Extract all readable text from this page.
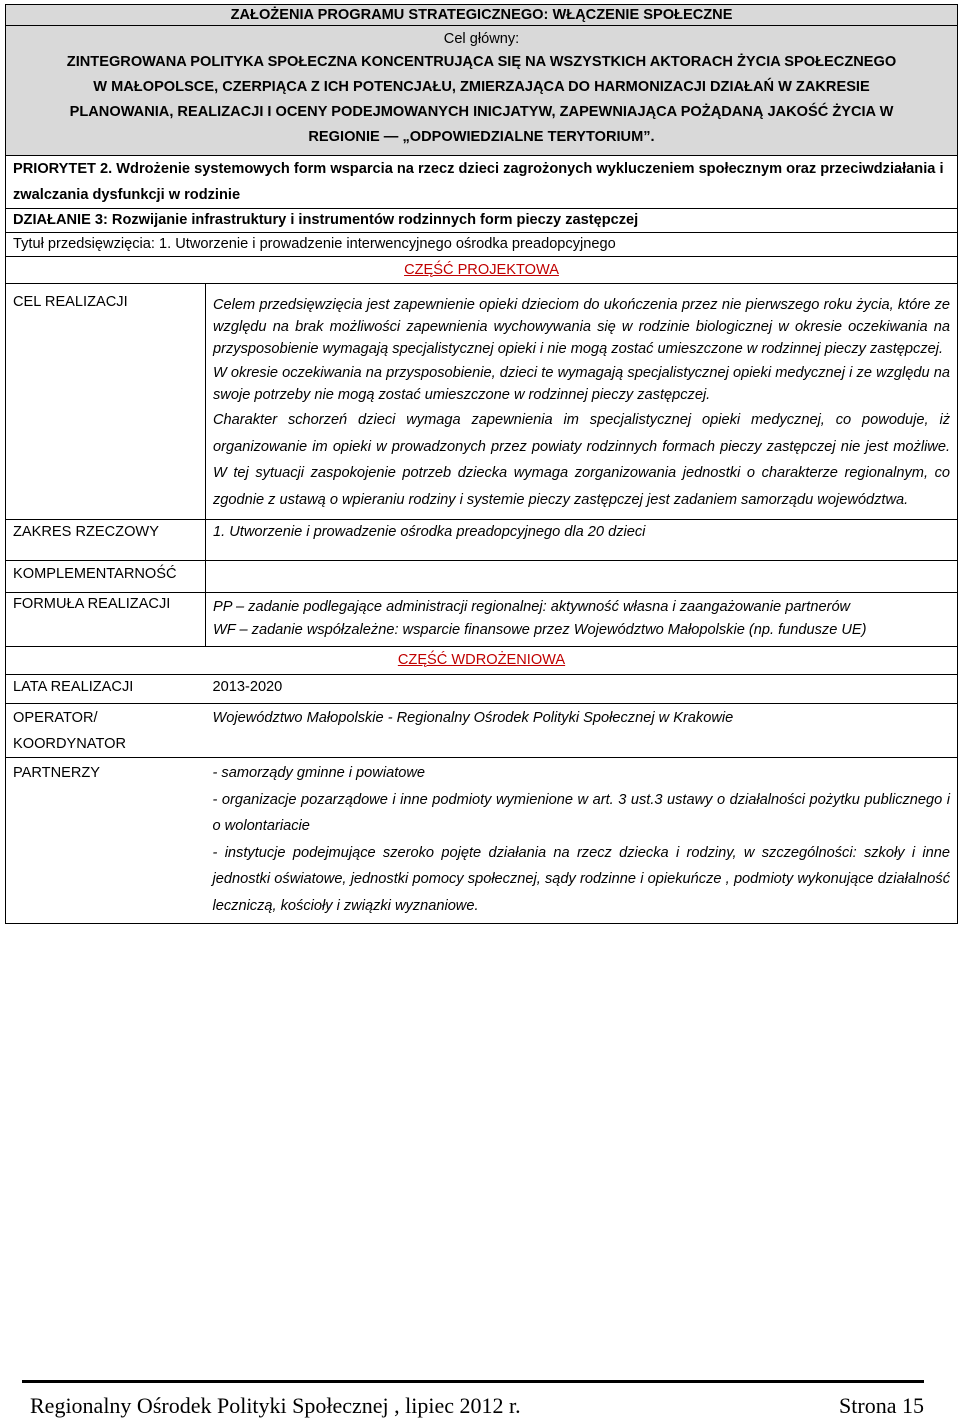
ZAŁOŻENIA PROGRAMU STRATEGICZNEGO: WŁĄCZENIE SPOŁECZNE	

Cel główny:
ZINTEGROWANA POLITYKA SPOŁECZNA KONCENTRUJĄCA SIĘ NA WSZYSTKICH AKTORACH ŻYCIA SPOŁECZNEGO
W MAŁOPOLSCE, CZERPIĄCA Z ICH POTENCJAŁU, ZMIERZAJĄCA DO HARMONIZACJI DZIAŁAŃ W ZAKRESIE
PLANOWANIA, REALIZACJI I OCENY PODEJMOWANYCH INICJATYW, ZAPEWNIAJĄCA POŻĄDANĄ JAKOŚĆ ŻYCIA W
REGIONIE — „ODPOWIEDZIALNE TERYTORIUM”.	

PRIORYTET 2. Wdrożenie systemowych form wsparcia na rzecz dzieci zagrożonych wykluczeniem społecznym oraz przeciwdziałania i zwalczania dysfunkcji w rodzinie	
DZIAŁANIE 3: Rozwijanie infrastruktury i instrumentów rodzinnych form pieczy zastępczej	
Tytuł przedsięwzięcia: 1. Utworzenie i prowadzenie interwencyjnego ośrodka preadopcyjnego	
CZĘŚĆ PROJEKTOWA	
CEL REALIZACJI	Celem przedsięwzięcia jest zapewnienie opieki dzieciom do ukończenia przez nie pierwszego roku życia, które ze względu na brak możliwości zapewnienia wychowywania się w rodzinie biologicznej w okresie oczekiwania na przysposobienie wymagają specjalistycznej opieki i nie mogą zostać umieszczone w rodzinnej pieczy zastępczej.
W okresie oczekiwania na przysposobienie, dzieci te wymagają specjalistycznej opieki medycznej i ze względu na swoje potrzeby nie mogą zostać umieszczone w rodzinnej pieczy zastępczej.
Charakter schorzeń dzieci wymaga zapewnienia im specjalistycznej opieki medycznej, co powoduje, iż organizowanie im opieki w prowadzonych przez powiaty rodzinnych formach pieczy zastępczej nie jest możliwe. W tej sytuacji zaspokojenie potrzeb dziecka wymaga zorganizowania jednostki o charakterze regionalnym, co zgodnie z ustawą o wpieraniu rodziny i systemie pieczy zastępczej jest zadaniem samorządu województwa.

ZAKRES RZECZOWY	1. Utworzenie i prowadzenie ośrodka preadopcyjnego dla 20 dzieci
KOMPLEMENTARNOŚĆ	
FORMUŁA REALIZACJI	PP – zadanie podlegające administracji regionalnej: aktywność własna i zaangażowanie partnerów
WF – zadanie współzależne: wsparcie finansowe przez Województwo Małopolskie (np. fundusze UE)

CZĘŚĆ WDROŻENIOWA	
LATA REALIZACJI	2013-2020

OPERATOR/ KOORDYNATOR	Województwo Małopolskie - Regionalny Ośrodek Polityki Społecznej w Krakowie
PARTNERZY	- samorządy gminne i powiatowe
- organizacje pozarządowe i inne podmioty wymienione w art. 3 ust.3 ustawy o działalności pożytku publicznego i o wolontariacie
- instytucje podejmujące szeroko pojęte działania na rzecz dziecka i rodziny, w szczególności: szkoły i inne jednostki oświatowe, jednostki pomocy społecznej, sądy rodzinne i opiekuńcze , podmioty wykonujące działalność leczniczą, kościoły i związki wyznaniowe.
Regionalny Ośrodek Polityki Społecznej , lipiec 2012 r.	Strona 15
